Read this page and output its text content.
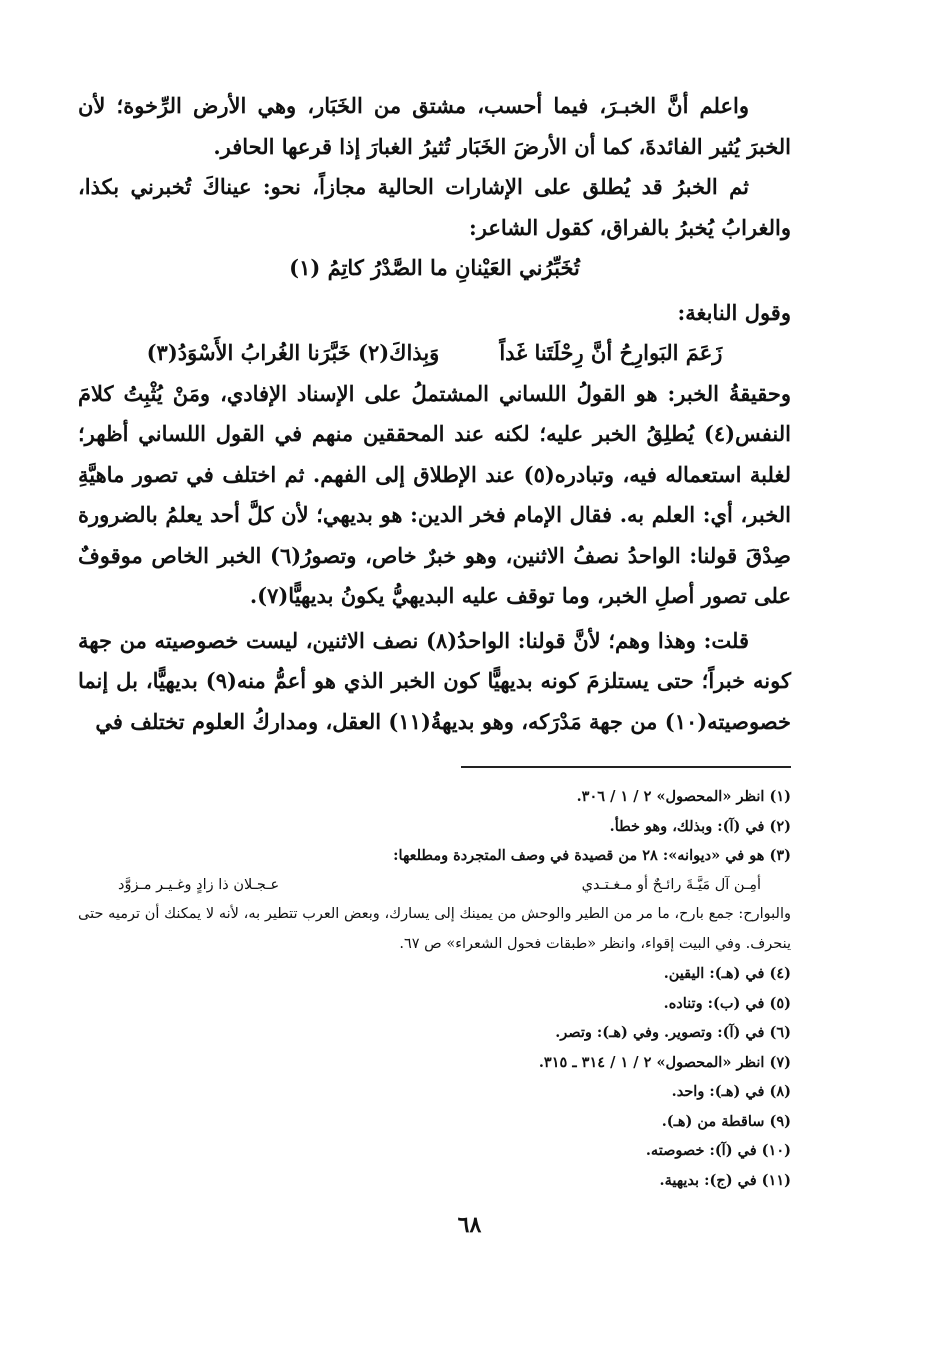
واعلم أنَّ الخبـرَ، فيما أحسب، مشتق من الخَبَار، وهي الأرض الرِّخوة؛ لأن الخبرَ يُثير الفائدةَ، كما أن الأرضَ الخَبَار تُثيرُ الغبارَ إذا قرعها الحافر.

ثم الخبرُ قد يُطلق على الإشارات الحالية مجازاً، نحو: عيناكَ تُخبرني بكذا، والغرابُ يُخبرُ بالفراق، كقول الشاعر:

تُخَبِّرُني العَيْنانِ ما الصَّدْرُ كاتِمُ (١)

وقول النابغة:

زَعَمَ البَوارِحُ أنَّ رِحْلَتَنا غَداً
وَبِذاكَ(٢) خَبَّرَنا الغُرابُ الأَسْوَدُ(٣)

وحقيقةُ الخبر: هو القولُ اللساني المشتملُ على الإسناد الإفادي، ومَنْ يُثْبِتُ كلامَ النفس(٤) يُطلِقُ الخبر عليه؛ لكنه عند المحققين منهم في القول اللساني أظهر؛ لغلبة استعماله فيه، وتبادره(٥) عند الإطلاق إلى الفهم. ثم اختلف في تصور ماهيَّةِ الخبر، أي: العلم به. فقال الإمام فخر الدين: هو بديهي؛ لأن كلَّ أحد يعلمُ بالضرورة صِدْقَ قولنا: الواحدُ نصفُ الاثنين، وهو خبرٌ خاص، وتصورُ(٦) الخبر الخاص موقوفٌ على تصور أصلِ الخبر، وما توقف عليه البديهيُّ يكونُ بديهيًّا(٧).

قلت: وهذا وهم؛ لأنَّ قولنا: الواحدُ(٨) نصف الاثنين، ليست خصوصيته من جهة كونه خبراً؛ حتى يستلزمَ كونه بديهيًّا كون الخبر الذي هو أعمُّ منه(٩) بديهيًّا، بل إنما خصوصيته(١٠) من جهة مَدْرَكه، وهو بديهةُ(١١) العقل، ومداركُ العلوم تختلف في

(١) انظر «المحصول» ٢ / ١ / ٣٠٦.
(٢) في (آ): وبذلك، وهو خطأ.
(٣) هو في «ديوانه»: ٢٨ من قصيدة في وصف المتجردة ومطلعها:
أمِـن آل مَيَّـةَ رائـحٌ أو مـغـتـدي
عـجـلان ذا زادٍ وغـيـر مـزوَّد
والبوارح: جمع بارح، ما مر من الطير والوحش من يمينك إلى يسارك، وبعض العرب تتطير به، لأنه لا يمكنك أن ترميه حتى ينحرف. وفي البيت إقواء، وانظر «طبقات فحول الشعراء» ص ٦٧.
(٤) في (هـ): اليقين.
(٥) في (ب): وتناده.
(٦) في (آ): وتصوير. وفي (هـ): وتصر.
(٧) انظر «المحصول» ٢ / ١ / ٣١٤ ـ ٣١٥.
(٨) في (هـ): واحد.
(٩) ساقطة من (هـ).
(١٠) في (آ): خصوصته.
(١١) في (ج): بديهية.
٦٨
